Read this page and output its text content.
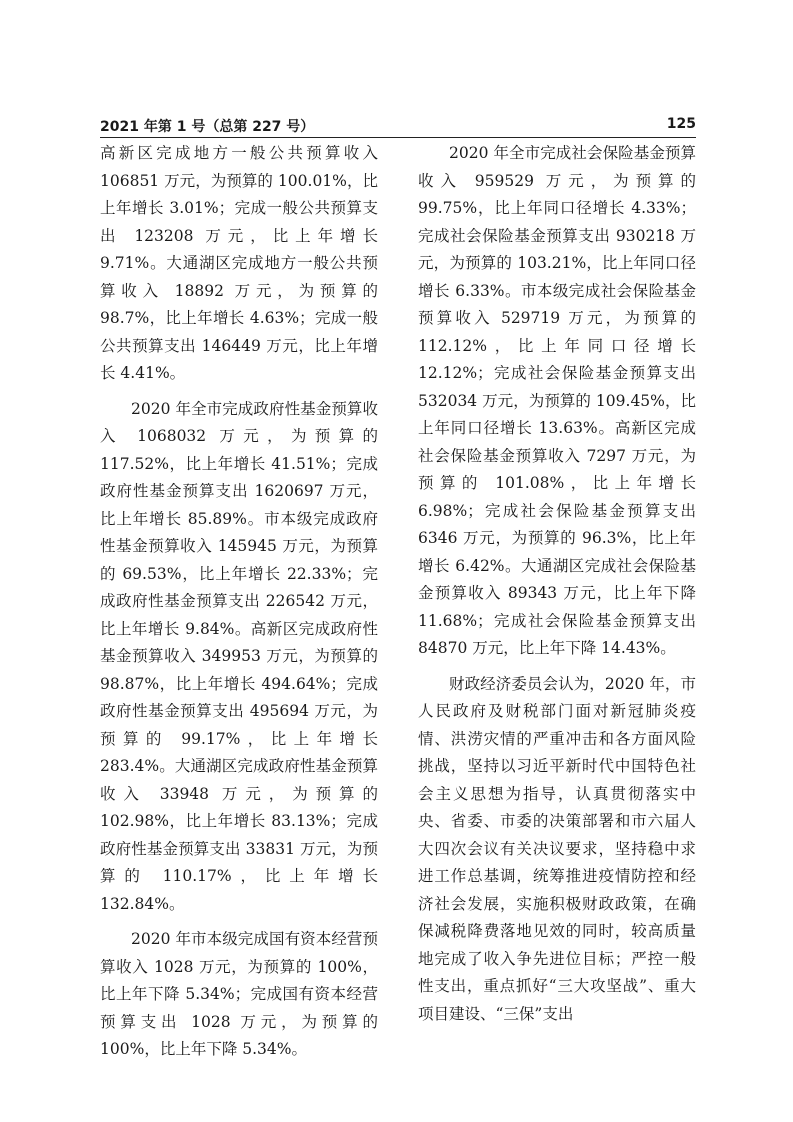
2021 年第 1 号（总第 227 号）	125

高新区完成地方一般公共预算收入 106851 万元，为预算的 100.01%，比上年增长 3.01%；完成一般公共预算支出 123208 万元，比上年增长 9.71%。大通湖区完成地方一般公共预算收入 18892 万元，为预算的 98.7%，比上年增长 4.63%；完成一般公共预算支出 146449 万元，比上年增长 4.41%。

2020 年全市完成政府性基金预算收入 1068032 万元，为预算的 117.52%，比上年增长 41.51%；完成政府性基金预算支出 1620697 万元，比上年增长 85.89%。市本级完成政府性基金预算收入 145945 万元，为预算的 69.53%，比上年增长 22.33%；完成政府性基金预算支出 226542 万元，比上年增长 9.84%。高新区完成政府性基金预算收入 349953 万元，为预算的 98.87%，比上年增长 494.64%；完成政府性基金预算支出 495694 万元，为预算的 99.17%，比上年增长 283.4%。大通湖区完成政府性基金预算收入 33948 万元，为预算的 102.98%，比上年增长 83.13%；完成政府性基金预算支出 33831 万元，为预算的 110.17%，比上年增长 132.84%。

2020 年市本级完成国有资本经营预算收入 1028 万元，为预算的 100%，比上年下降 5.34%；完成国有资本经营预算支出 1028 万元，为预算的 100%，比上年下降 5.34%。

2020 年全市完成社会保险基金预算收入 959529 万元，为预算的 99.75%，比上年同口径增长 4.33%；完成社会保险基金预算支出 930218 万元，为预算的 103.21%，比上年同口径增长 6.33%。市本级完成社会保险基金预算收入 529719 万元，为预算的 112.12%，比上年同口径增长 12.12%；完成社会保险基金预算支出 532034 万元，为预算的 109.45%，比上年同口径增长 13.63%。高新区完成社会保险基金预算收入 7297 万元，为预算的 101.08%，比上年增长 6.98%；完成社会保险基金预算支出 6346 万元，为预算的 96.3%，比上年增长 6.42%。大通湖区完成社会保险基金预算收入 89343 万元，比上年下降 11.68%；完成社会保险基金预算支出 84870 万元，比上年下降 14.43%。

财政经济委员会认为，2020 年，市人民政府及财税部门面对新冠肺炎疫情、洪涝灾情的严重冲击和各方面风险挑战，坚持以习近平新时代中国特色社会主义思想为指导，认真贯彻落实中央、省委、市委的决策部署和市六届人大四次会议有关决议要求，坚持稳中求进工作总基调，统筹推进疫情防控和经济社会发展，实施积极财政政策，在确保减税降费落地见效的同时，较高质量地完成了收入争先进位目标；严控一般性支出，重点抓好“三大攻坚战”、重大项目建设、“三保”支出
